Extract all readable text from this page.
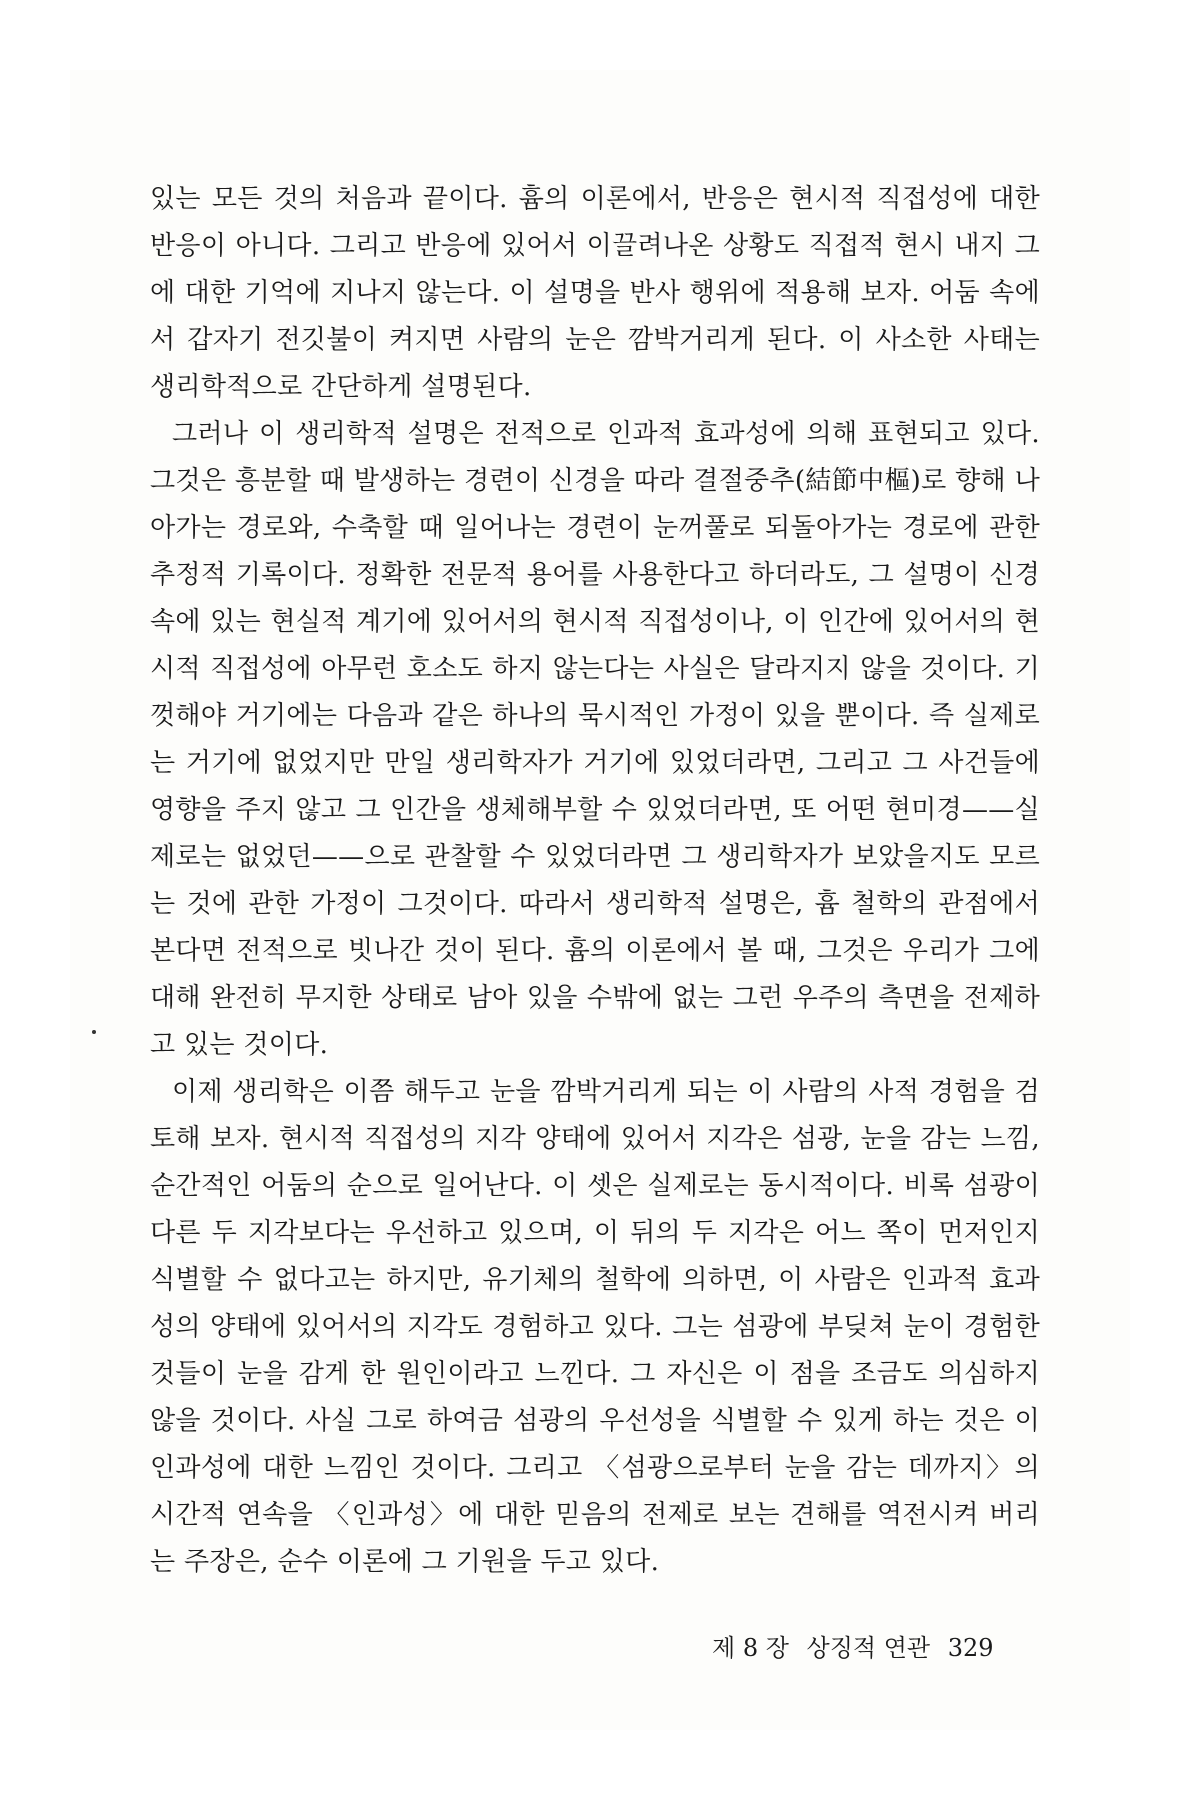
있는 모든 것의 처음과 끝이다. 흄의 이론에서, 반응은 현시적 직접성에 대한 반응이 아니다. 그리고 반응에 있어서 이끌려나온 상황도 직접적 현시 내지 그에 대한 기억에 지나지 않는다. 이 설명을 반사 행위에 적용해 보자. 어둠 속에서 갑자기 전깃불이 켜지면 사람의 눈은 깜박거리게 된다. 이 사소한 사태는 생리학적으로 간단하게 설명된다.

그러나 이 생리학적 설명은 전적으로 인과적 효과성에 의해 표현되고 있다. 그것은 흥분할 때 발생하는 경련이 신경을 따라 결절중추(結節中樞)로 향해 나아가는 경로와, 수축할 때 일어나는 경련이 눈꺼풀로 되돌아가는 경로에 관한 추정적 기록이다. 정확한 전문적 용어를 사용한다고 하더라도, 그 설명이 신경 속에 있는 현실적 계기에 있어서의 현시적 직접성이나, 이 인간에 있어서의 현시적 직접성에 아무런 호소도 하지 않는다는 사실은 달라지지 않을 것이다. 기껏해야 거기에는 다음과 같은 하나의 묵시적인 가정이 있을 뿐이다. 즉 실제로는 거기에 없었지만 만일 생리학자가 거기에 있었더라면, 그리고 그 사건들에 영향을 주지 않고 그 인간을 생체해부할 수 있었더라면, 또 어떤 현미경——실제로는 없었던——으로 관찰할 수 있었더라면 그 생리학자가 보았을지도 모르는 것에 관한 가정이 그것이다. 따라서 생리학적 설명은, 흄 철학의 관점에서 본다면 전적으로 빗나간 것이 된다. 흄의 이론에서 볼 때, 그것은 우리가 그에 대해 완전히 무지한 상태로 남아 있을 수밖에 없는 그런 우주의 측면을 전제하고 있는 것이다.

이제 생리학은 이쯤 해두고 눈을 깜박거리게 되는 이 사람의 사적 경험을 검토해 보자. 현시적 직접성의 지각 양태에 있어서 지각은 섬광, 눈을 감는 느낌, 순간적인 어둠의 순으로 일어난다. 이 셋은 실제로는 동시적이다. 비록 섬광이 다른 두 지각보다는 우선하고 있으며, 이 뒤의 두 지각은 어느 쪽이 먼저인지 식별할 수 없다고는 하지만, 유기체의 철학에 의하면, 이 사람은 인과적 효과성의 양태에 있어서의 지각도 경험하고 있다. 그는 섬광에 부딪쳐 눈이 경험한 것들이 눈을 감게 한 원인이라고 느낀다. 그 자신은 이 점을 조금도 의심하지 않을 것이다. 사실 그로 하여금 섬광의 우선성을 식별할 수 있게 하는 것은 이 인과성에 대한 느낌인 것이다. 그리고 〈섬광으로부터 눈을 감는 데까지〉의 시간적 연속을 〈인과성〉에 대한 믿음의 전제로 보는 견해를 역전시켜 버리는 주장은, 순수 이론에 그 기원을 두고 있다.

제 8 장 상징적 연관 329
